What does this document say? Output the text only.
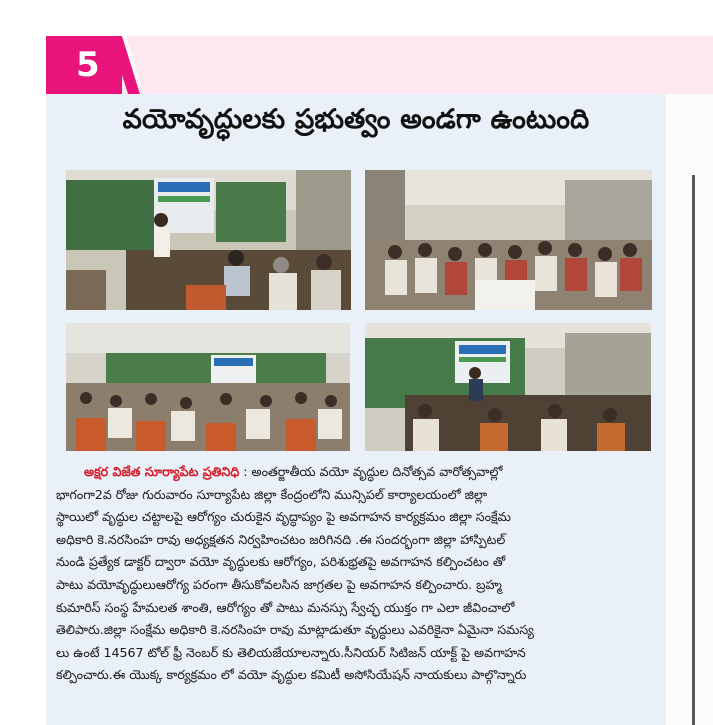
5
వయోవృద్ధులకు ప్రభుత్వం అండగా ఉంటుంది
అక్షర విజేత సూర్యాపేట ప్రతినిధి : అంతర్జాతీయ వయో వృద్ధుల దినోత్సవ వారోత్సవాల్లో
భాగంగా2వ రోజు గురువారం సూర్యాపేట జిల్లా కేంద్రంలోని మున్సిపల్ కార్యాలయంలో జిల్లా
స్థాయిలో వృద్ధుల చట్టాలపై ఆరోగ్యం చురుకైన వృద్ధాప్యం పై అవగాహన కార్యక్రమం జిల్లా సంక్షేమ
అధికారి కె.నరసింహ రావు అధ్యక్షతన నిర్వహించటం జరిగినది .ఈ సందర్భంగా జిల్లా హాస్పిటల్
నుండి ప్రత్యేక డాక్టర్ ద్వారా వయో వృద్ధులకు ఆరోగ్యం, పరిశుభ్రతపై అవగాహన కల్పించటం తో
పాటు వయోవృద్ధులుఆరోగ్య పరంగా తీసుకోవలసిన జాగ్రతల పై అవగాహన కల్పించారు. బ్రహ్మ
కుమారిస్ సంస్థ హేమలత శాంతి, ఆరోగ్యం తో పాటు మనస్సు స్వేచ్ఛ యుక్తం గా ఎలా జీవించాలో
తెలిపారు.జిల్లా సంక్షేమ అధికారి కె.నరసింహ రావు మాట్లాడుతూ వృద్ధులు ఎవరికైనా ఏమైనా సమస్య
లు ఉంటే 14567 టోల్ ఫ్రీ నెంబర్ కు తెలియజేయాలన్నారు.సీనియర్ సిటిజన్ యాక్ట్ పై అవగాహన
కల్పించారు.ఈ యొక్క కార్యక్రమం లో వయో వృద్ధుల కమిటీ అసోసియేషన్ నాయకులు పాల్గొన్నారు
